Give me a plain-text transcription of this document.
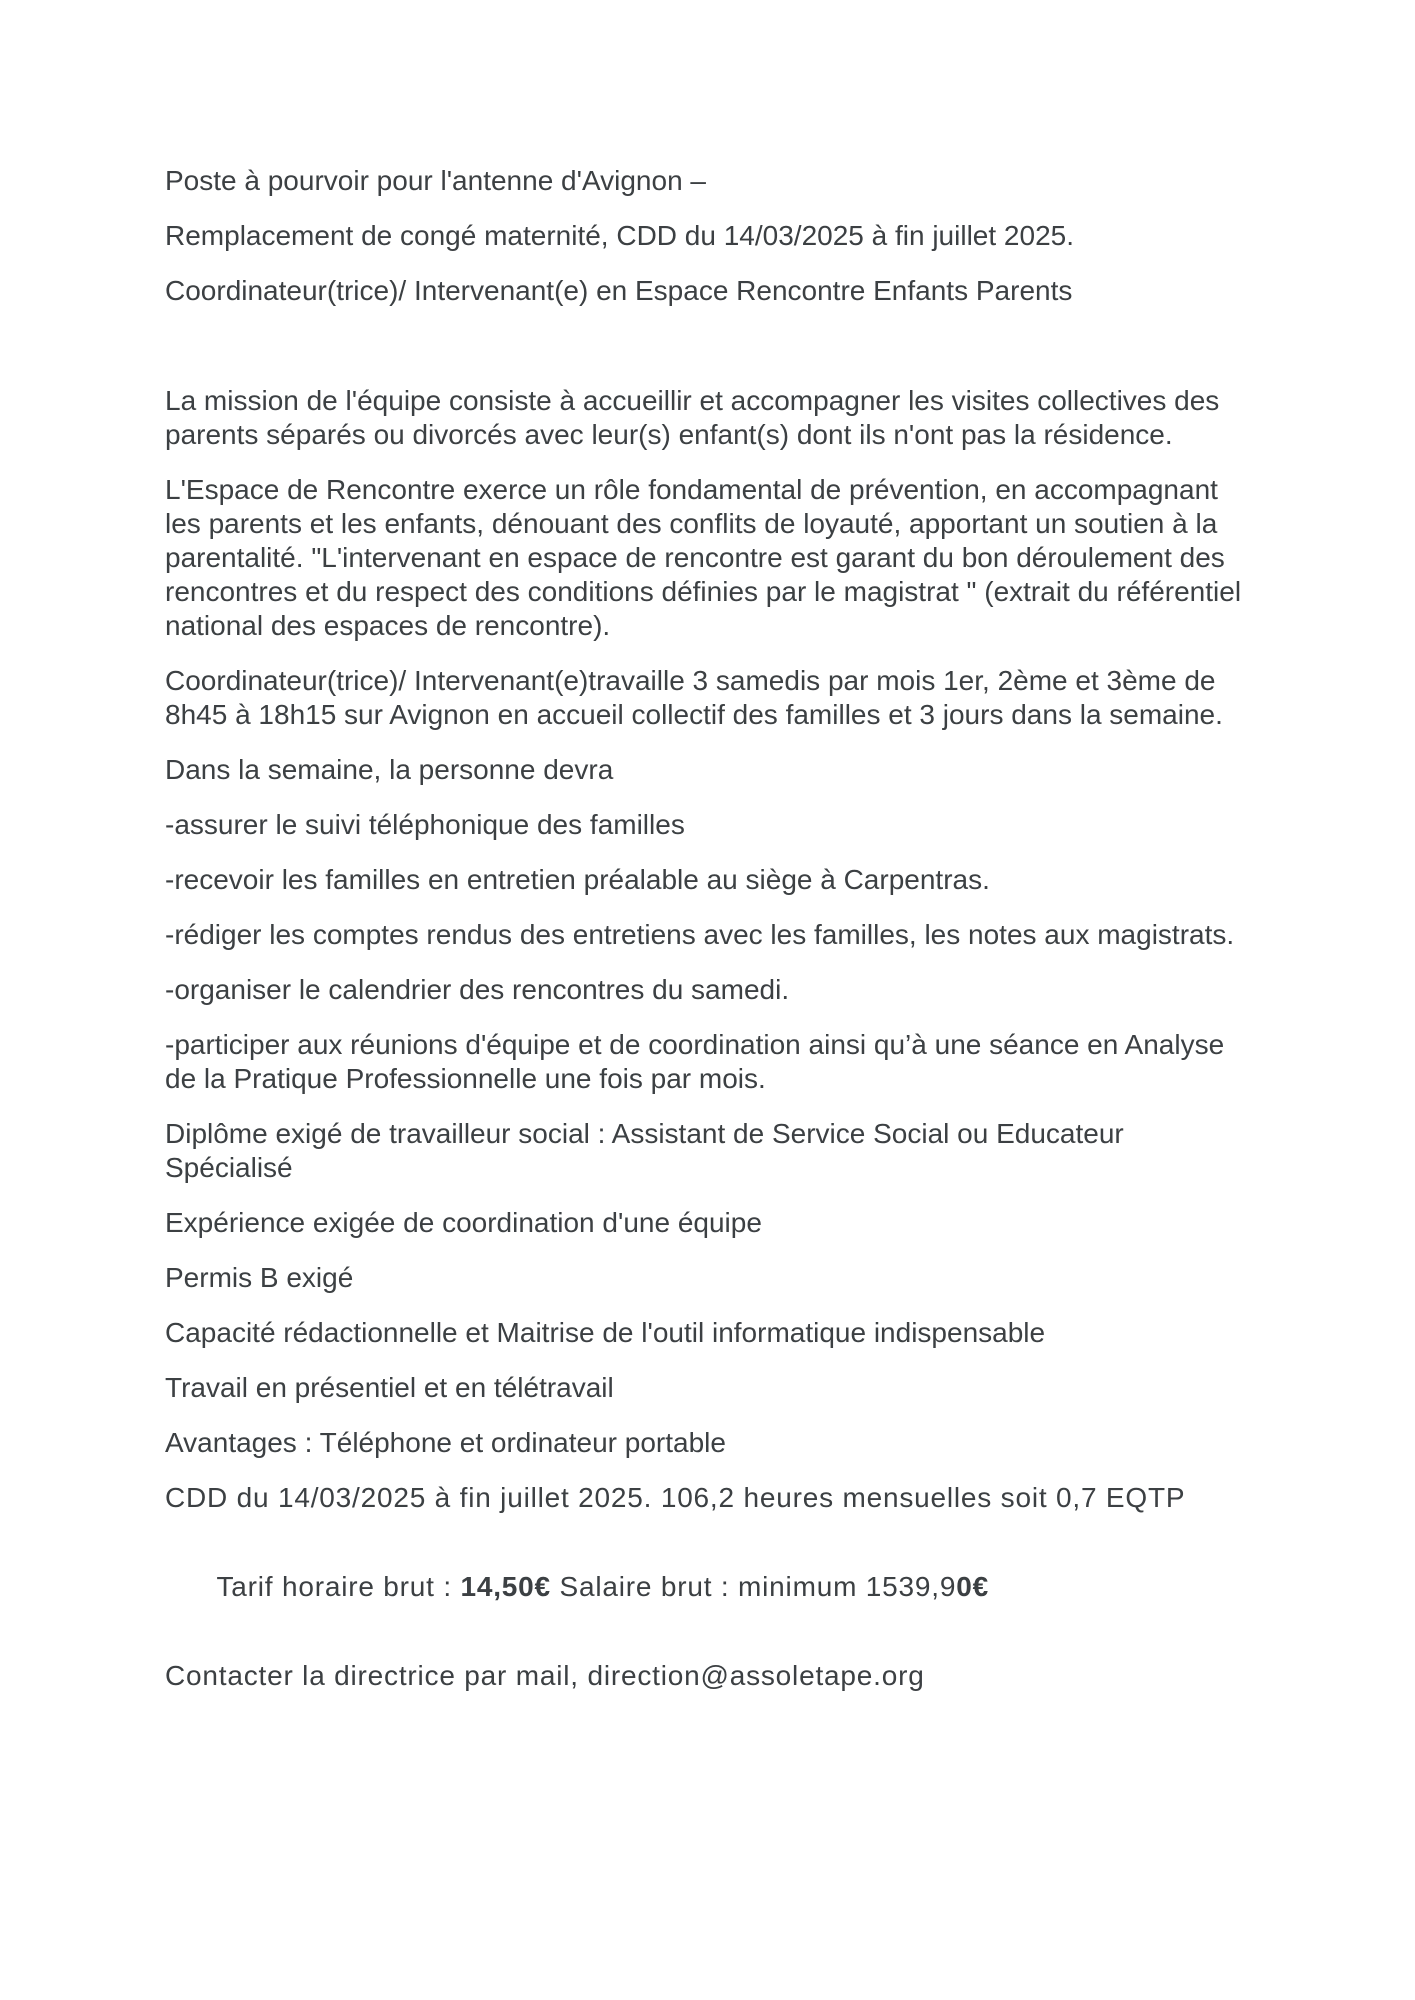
Poste à pourvoir pour l'antenne d'Avignon –
Remplacement de congé maternité, CDD du 14/03/2025 à fin juillet 2025.
Coordinateur(trice)/ Intervenant(e) en Espace Rencontre Enfants Parents
La mission de l'équipe consiste à accueillir et accompagner les visites collectives des parents séparés ou divorcés avec leur(s) enfant(s) dont ils n'ont pas la résidence.
L'Espace de Rencontre exerce un rôle fondamental de prévention, en accompagnant les parents et les enfants, dénouant des conflits de loyauté, apportant un soutien à la parentalité. "L'intervenant en espace de rencontre est garant du bon déroulement des rencontres et du respect des conditions définies par le magistrat " (extrait du référentiel national des espaces de rencontre).
Coordinateur(trice)/ Intervenant(e)travaille 3 samedis par mois 1er, 2ème et 3ème de 8h45 à 18h15 sur Avignon en accueil collectif des familles et 3 jours dans la semaine.
Dans la semaine, la personne devra
-assurer le suivi téléphonique des familles
-recevoir les familles en entretien préalable au siège à Carpentras.
-rédiger les comptes rendus des entretiens avec les familles, les notes aux magistrats.
-organiser le calendrier des rencontres du samedi.
-participer aux réunions d'équipe et de coordination ainsi qu’à une séance en Analyse de la Pratique Professionnelle une fois par mois.
Diplôme exigé de travailleur social : Assistant de Service Social ou Educateur Spécialisé
Expérience exigée de coordination d'une équipe
Permis B exigé
Capacité rédactionnelle et Maitrise de l'outil informatique indispensable
Travail en présentiel et en télétravail
Avantages : Téléphone et ordinateur portable
CDD du 14/03/2025 à fin juillet 2025. 106,2 heures mensuelles soit 0,7 EQTP

Tarif horaire brut : 14,50€ Salaire brut : minimum 1539,90€

Contacter la directrice par mail, direction@assoletape.org
